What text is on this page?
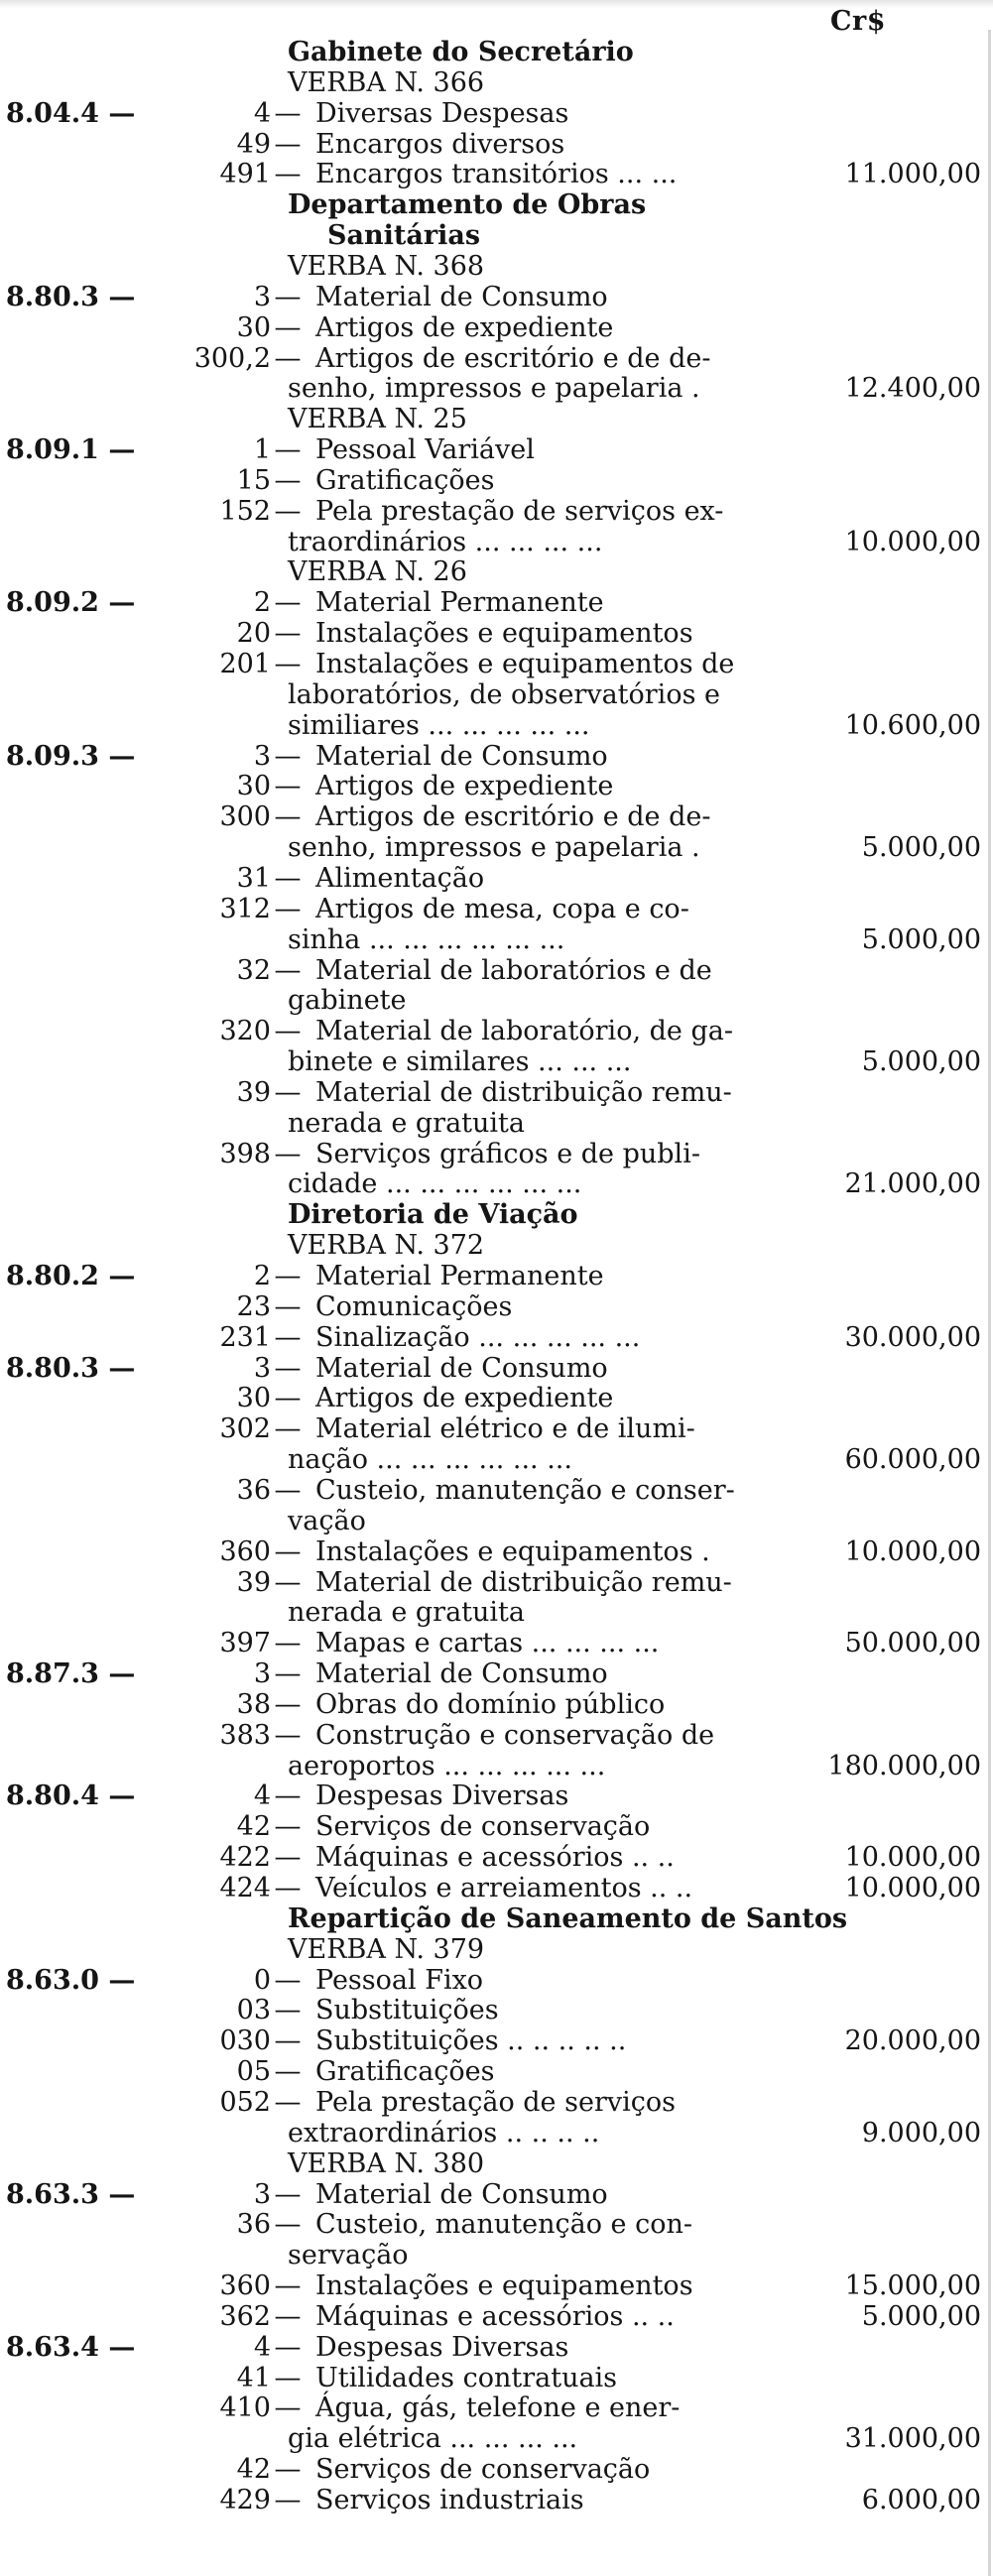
Cr$
Gabinete do Secretário
VERBA N. 366
8.04.4 —	4 — Diversas Despesas
49 — Encargos diversos
491 — Encargos transitórios ... ...	11.000,00
Departamento de Obras
Sanitárias
VERBA N. 368
8.80.3 —	3 — Material de Consumo
30 — Artigos de expediente
300,2 — Artigos de escritório e de de-
senho, impressos e papelaria .	12.400,00
VERBA N. 25
8.09.1 —	1 — Pessoal Variável
15 — Gratificações
152 — Pela prestação de serviços ex-
traordinários ... ... ... ...	10.000,00
VERBA N. 26
8.09.2 —	2 — Material Permanente
20 — Instalações e equipamentos
201 — Instalações e equipamentos de
laboratórios, de observatórios e
similiares ... ... ... ... ...	10.600,00
8.09.3 —	3 — Material de Consumo
30 — Artigos de expediente
300 — Artigos de escritório e de de-
senho, impressos e papelaria .	5.000,00
31 — Alimentação
312 — Artigos de mesa, copa e co-
sinha ... ... ... ... ... ...	5.000,00
32 — Material de laboratórios e de
gabinete
320 — Material de laboratório, de ga-
binete e similares ... ... ...	5.000,00
39 — Material de distribuição remu-
nerada e gratuita
398 — Serviços gráficos e de publi-
cidade ... ... ... ... ... ...	21.000,00
Diretoria de Viação
VERBA N. 372
8.80.2 —	2 — Material Permanente
23 — Comunicações
231 — Sinalização ... ... ... ... ...	30.000,00
8.80.3 —	3 — Material de Consumo
30 — Artigos de expediente
302 — Material elétrico e de ilumi-
nação ... ... ... ... ... ...	60.000,00
36 — Custeio, manutenção e conser-
vação
360 — Instalações e equipamentos .	10.000,00
39 — Material de distribuição remu-
nerada e gratuita
397 — Mapas e cartas ... ... ... ...	50.000,00
8.87.3 —	3 — Material de Consumo
38 — Obras do domínio público
383 — Construção e conservação de
aeroportos ... ... ... ... ...	180.000,00
8.80.4 —	4 — Despesas Diversas
42 — Serviços de conservação
422 — Máquinas e acessórios .. ..	10.000,00
424 — Veículos e arreiamentos .. ..	10.000,00
Repartição de Saneamento de Santos
VERBA N. 379
8.63.0 —	0 — Pessoal Fixo
03 — Substituições
030 — Substituições .. .. .. .. ..	20.000,00
05 — Gratificações
052 — Pela prestação de serviços
extraordinários .. .. .. ..	9.000,00
VERBA N. 380
8.63.3 —	3 — Material de Consumo
36 — Custeio, manutenção e con-
servação
360 — Instalações e equipamentos	15.000,00
362 — Máquinas e acessórios .. ..	5.000,00
8.63.4 —	4 — Despesas Diversas
41 — Utilidades contratuais
410 — Água, gás, telefone e ener-
gia elétrica ... ... ... ...	31.000,00
42 — Serviços de conservação
429 — Serviços industriais	6.000,00
